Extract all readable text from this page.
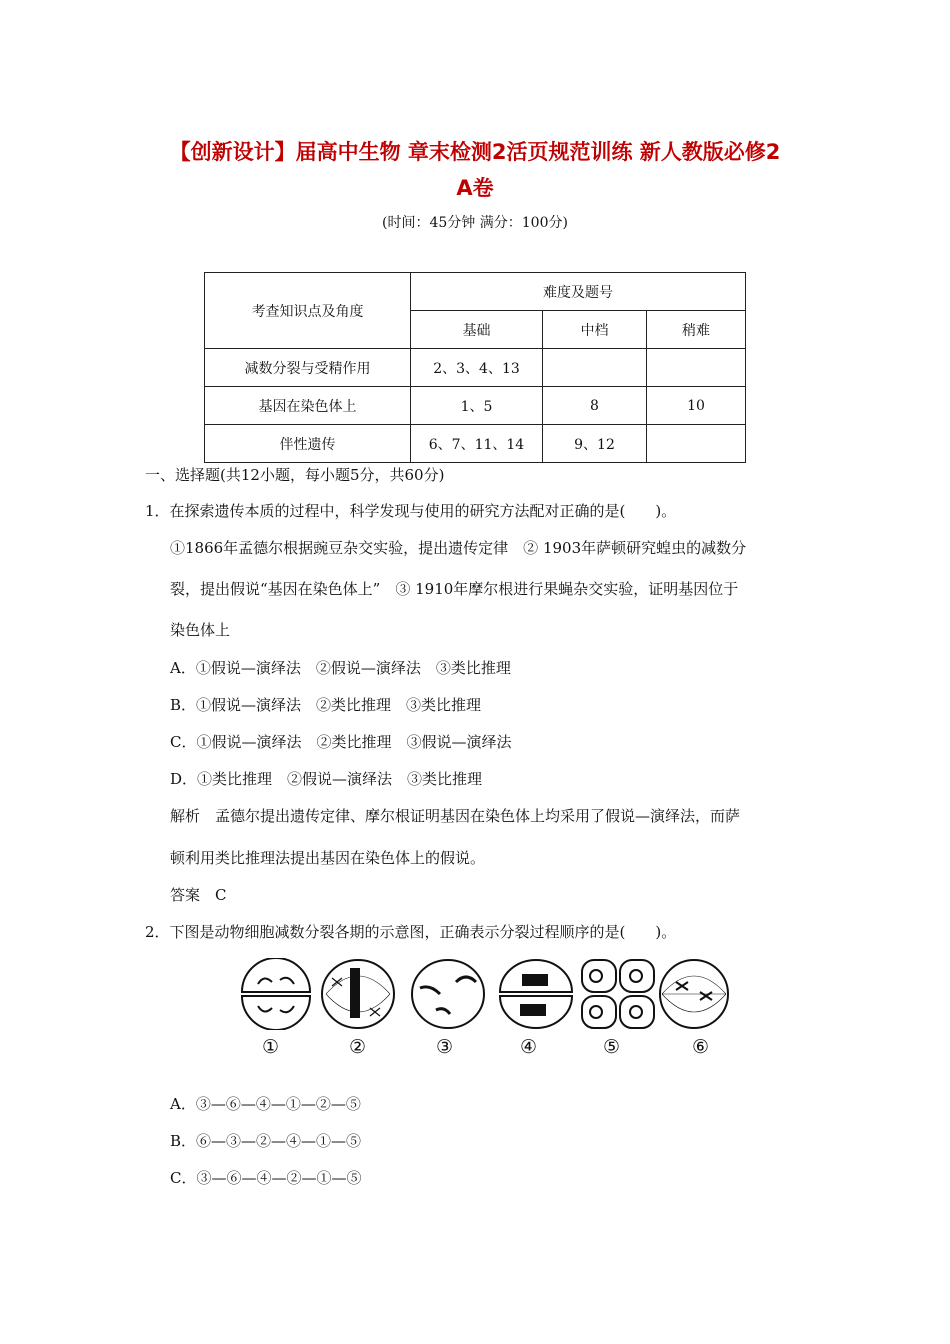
【创新设计】届高中生物 章末检测2活页规范训练 新人教版必修2
A卷
(时间：45分钟 满分：100分)
考查知识点及角度	难度及题号		
	基础	中档	稍难
减数分裂与受精作用	2、3、4、13		
基因在染色体上	1、5	8	10
伴性遗传	6、7、11、14	9、12	
一、选择题(共12小题，每小题5分，共60分)
1．在探索遗传本质的过程中，科学发现与使用的研究方法配对正确的是(　　)。
①1866年孟德尔根据豌豆杂交实验，提出遗传定律　② 1903年萨顿研究蝗虫的减数分
裂，提出假说“基因在染色体上”　③ 1910年摩尔根进行果蝇杂交实验，证明基因位于
染色体上
A．①假说—演绎法　②假说—演绎法　③类比推理
B．①假说—演绎法　②类比推理　③类比推理
C．①假说—演绎法　②类比推理　③假说—演绎法
D．①类比推理　②假说—演绎法　③类比推理
解析　孟德尔提出遗传定律、摩尔根证明基因在染色体上均采用了假说—演绎法，而萨
顿利用类比推理法提出基因在染色体上的假说。
答案　C
2．下图是动物细胞减数分裂各期的示意图，正确表示分裂过程顺序的是(　　)。
①	②	③	④	⑤	⑥
A．③—⑥—④—①—②—⑤
B．⑥—③—②—④—①—⑤
C．③—⑥—④—②—①—⑤
